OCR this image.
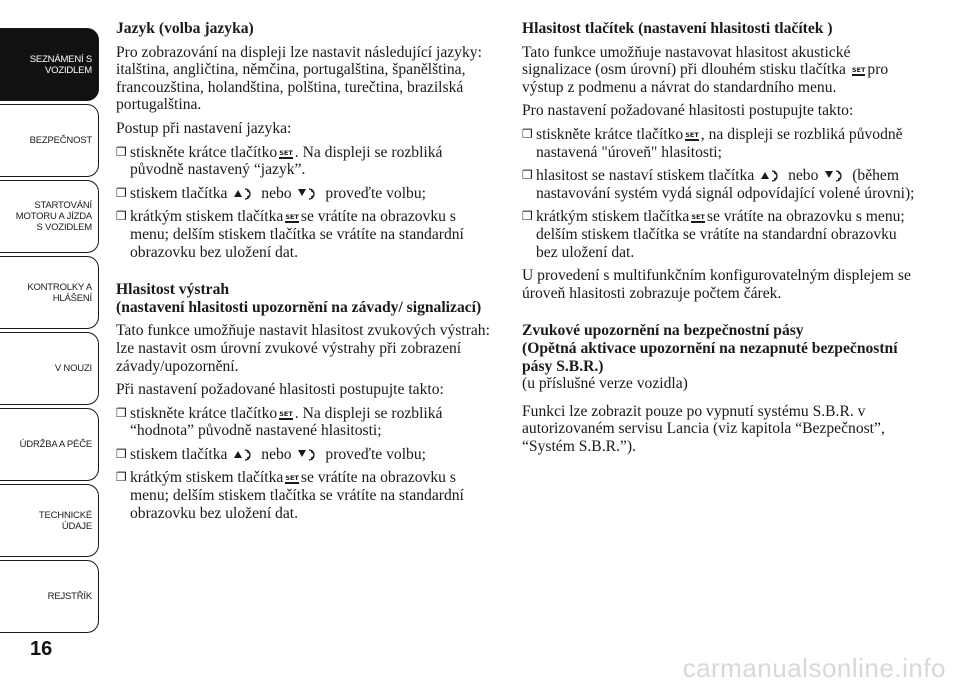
SEZNÁMENÍ S
VOZIDLEM
BEZPEČNOST
STARTOVÁNÍ
MOTORU A JÍZDA
S VOZIDLEM
KONTROLKY A
HLÁŠENÍ
V NOUZI
ÚDRŽBA A PÉČE
TECHNICKÉ
ÚDAJE
REJSTŘÍK
16
Jazyk (volba jazyka)
Pro zobrazování na displeji lze nastavit následující jazyky: italština, angličtina, němčina, portugalština, španělština, francouzština, holandština, polština, turečtina, brazilská portugalština.
Postup při nastavení jazyka:
❒ stiskněte krátce tlačítko SET . Na displeji se rozbliká původně nastavený “jazyk”.
❒ stiskem tlačítka nebo proveďte volbu;
❒ krátkým stiskem tlačítka SET se vrátíte na obrazovku s menu; delším stiskem tlačítka se vrátíte na standardní obrazovku bez uložení dat.
Hlasitost výstrah
(nastavení hlasitosti upozornění na závady/ signalizací)
Tato funkce umožňuje nastavit hlasitost zvukových výstrah: lze nastavit osm úrovní zvukové výstrahy při zobrazení závady/upozornění.
Při nastavení požadované hlasitosti postupujte takto:
❒ stiskněte krátce tlačítko SET . Na displeji se rozbliká “hodnota” původně nastavené hlasitosti;
❒ stiskem tlačítka nebo proveďte volbu;
❒ krátkým stiskem tlačítka SET se vrátíte na obrazovku s menu; delším stiskem tlačítka se vrátíte na standardní obrazovku bez uložení dat.
Hlasitost tlačítek (nastavení hlasitosti tlačítek )
Tato funkce umožňuje nastavovat hlasitost akustické signalizace (osm úrovní) při dlouhém stisku tlačítka SET pro výstup z podmenu a návrat do standardního menu.
Pro nastavení požadované hlasitosti postupujte takto:
❒ stiskněte krátce tlačítko SET , na displeji se rozbliká původně nastavená "úroveň" hlasitosti;
❒ hlasitost se nastaví stiskem tlačítka nebo (během nastavování systém vydá signál odpovídající volené úrovni);
❒ krátkým stiskem tlačítka SET se vrátíte na obrazovku s menu; delším stiskem tlačítka se vrátíte na standardní obrazovku bez uložení dat.
U provedení s multifunkčním konfigurovatelným displejem se úroveň hlasitosti zobrazuje počtem čárek.
Zvukové upozornění na bezpečnostní pásy
(Opětná aktivace upozornění na nezapnuté bezpečnostní pásy S.B.R.)
(u příslušné verze vozidla)
Funkci lze zobrazit pouze po vypnutí systému S.B.R. v autorizovaném servisu Lancia (viz kapitola “Bezpečnost”, “Systém S.B.R.”).
carmanualsonline.info
